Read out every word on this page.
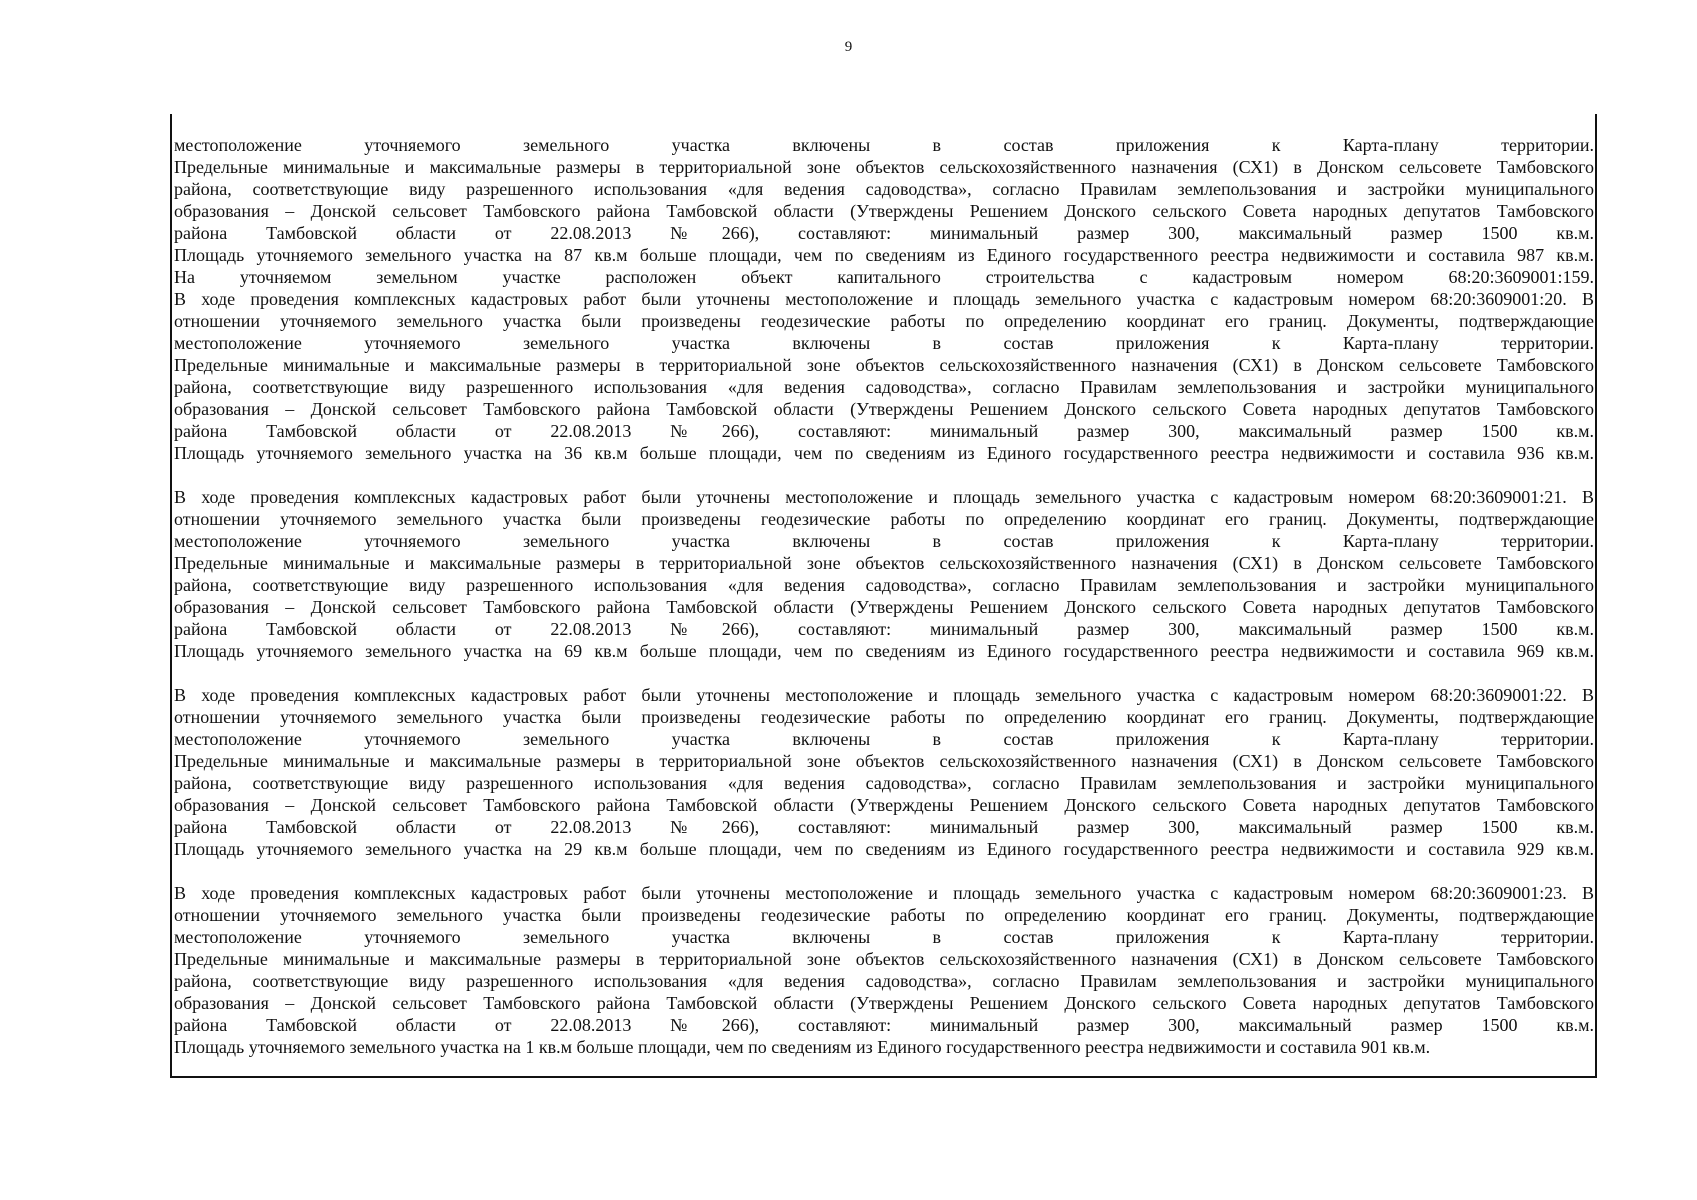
9
местоположение уточняемого земельного участка включены в состав приложения к Карта-плану территории.
Предельные минимальные и максимальные размеры в территориальной зоне объектов сельскохозяйственного назначения (СХ1) в Донском сельсовете Тамбовского
района, соответствующие виду разрешенного использования «для ведения садоводства», согласно Правилам землепользования и застройки муниципального
образования – Донской сельсовет Тамбовского района Тамбовской области (Утверждены Решением Донского сельского Совета народных депутатов Тамбовского
района Тамбовской области от 22.08.2013 №266), составляют: минимальный размер 300, максимальный размер 1500 кв.м.
Площадь уточняемого земельного участка на 87 кв.м больше площади, чем по сведениям из Единого государственного реестра недвижимости и составила 987 кв.м.
На уточняемом земельном участке расположен объект капитального строительства с кадастровым номером 68:20:3609001:159.
В ходе проведения комплексных кадастровых работ были уточнены местоположение и площадь земельного участка с кадастровым номером 68:20:3609001:20. В
отношении уточняемого земельного участка были произведены геодезические работы по определению координат его границ. Документы, подтверждающие
местоположение уточняемого земельного участка включены в состав приложения к Карта-плану территории.
Предельные минимальные и максимальные размеры в территориальной зоне объектов сельскохозяйственного назначения (СХ1) в Донском сельсовете Тамбовского
района, соответствующие виду разрешенного использования «для ведения садоводства», согласно Правилам землепользования и застройки муниципального
образования – Донской сельсовет Тамбовского района Тамбовской области (Утверждены Решением Донского сельского Совета народных депутатов Тамбовского
района Тамбовской области от 22.08.2013 №266), составляют: минимальный размер 300, максимальный размер 1500 кв.м.
Площадь уточняемого земельного участка на 36 кв.м больше площади, чем по сведениям из Единого государственного реестра недвижимости и составила 936 кв.м.
В ходе проведения комплексных кадастровых работ были уточнены местоположение и площадь земельного участка с кадастровым номером 68:20:3609001:21. В
отношении уточняемого земельного участка были произведены геодезические работы по определению координат его границ. Документы, подтверждающие
местоположение уточняемого земельного участка включены в состав приложения к Карта-плану территории.
Предельные минимальные и максимальные размеры в территориальной зоне объектов сельскохозяйственного назначения (СХ1) в Донском сельсовете Тамбовского
района, соответствующие виду разрешенного использования «для ведения садоводства», согласно Правилам землепользования и застройки муниципального
образования – Донской сельсовет Тамбовского района Тамбовской области (Утверждены Решением Донского сельского Совета народных депутатов Тамбовского
района Тамбовской области от 22.08.2013 №266), составляют: минимальный размер 300, максимальный размер 1500 кв.м.
Площадь уточняемого земельного участка на 69 кв.м больше площади, чем по сведениям из Единого государственного реестра недвижимости и составила 969 кв.м.
В ходе проведения комплексных кадастровых работ были уточнены местоположение и площадь земельного участка с кадастровым номером 68:20:3609001:22. В
отношении уточняемого земельного участка были произведены геодезические работы по определению координат его границ. Документы, подтверждающие
местоположение уточняемого земельного участка включены в состав приложения к Карта-плану территории.
Предельные минимальные и максимальные размеры в территориальной зоне объектов сельскохозяйственного назначения (СХ1) в Донском сельсовете Тамбовского
района, соответствующие виду разрешенного использования «для ведения садоводства», согласно Правилам землепользования и застройки муниципального
образования – Донской сельсовет Тамбовского района Тамбовской области (Утверждены Решением Донского сельского Совета народных депутатов Тамбовского
района Тамбовской области от 22.08.2013 №266), составляют: минимальный размер 300, максимальный размер 1500 кв.м.
Площадь уточняемого земельного участка на 29 кв.м больше площади, чем по сведениям из Единого государственного реестра недвижимости и составила 929 кв.м.
В ходе проведения комплексных кадастровых работ были уточнены местоположение и площадь земельного участка с кадастровым номером 68:20:3609001:23. В
отношении уточняемого земельного участка были произведены геодезические работы по определению координат его границ. Документы, подтверждающие
местоположение уточняемого земельного участка включены в состав приложения к Карта-плану территории.
Предельные минимальные и максимальные размеры в территориальной зоне объектов сельскохозяйственного назначения (СХ1) в Донском сельсовете Тамбовского
района, соответствующие виду разрешенного использования «для ведения садоводства», согласно Правилам землепользования и застройки муниципального
образования – Донской сельсовет Тамбовского района Тамбовской области (Утверждены Решением Донского сельского Совета народных депутатов Тамбовского
района Тамбовской области от 22.08.2013 №266), составляют: минимальный размер 300, максимальный размер 1500 кв.м.
Площадь уточняемого земельного участка на 1 кв.м больше площади, чем по сведениям из Единого государственного реестра недвижимости и составила 901 кв.м.
